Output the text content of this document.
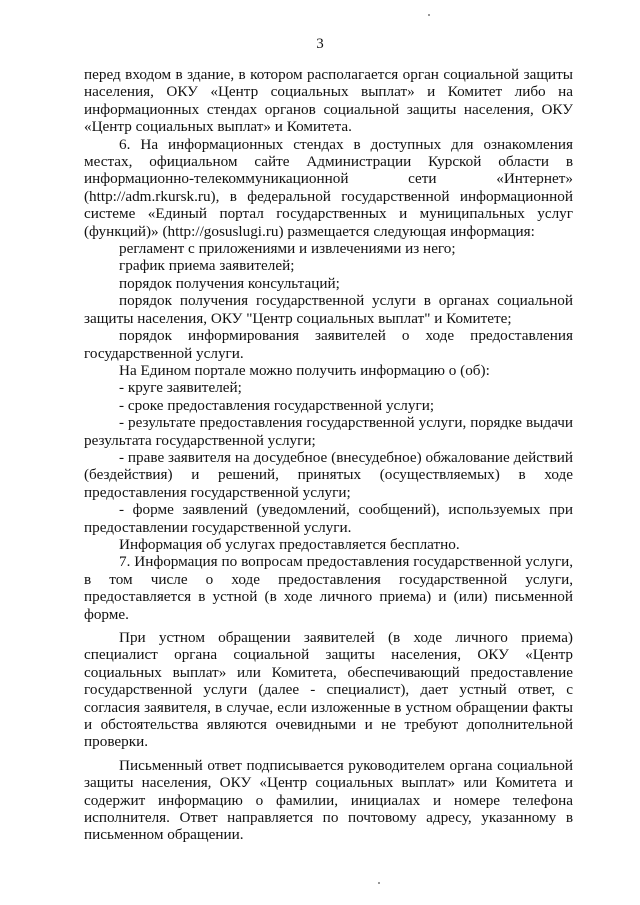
3

перед входом в здание, в котором располагается орган социальной защиты населения, ОКУ «Центр социальных выплат» и Комитет либо на информационных стендах органов социальной защиты населения, ОКУ «Центр социальных выплат» и Комитета.

6. На информационных стендах в доступных для ознакомления местах, официальном сайте Администрации Курской области в информационно-телекоммуникационной сети «Интернет» (http://adm.rkursk.ru), в федеральной государственной информационной системе «Единый портал государственных и муниципальных услуг (функций)» (http://gosuslugi.ru) размещается следующая информация:

регламент с приложениями и извлечениями из него;

график приема заявителей;

порядок получения консультаций;

порядок получения государственной услуги в органах социальной защиты населения, ОКУ "Центр социальных выплат" и Комитете;

порядок информирования заявителей о ходе предоставления государственной услуги.

На Едином портале можно получить информацию о (об):

- круге заявителей;

- сроке предоставления государственной услуги;

- результате предоставления государственной услуги, порядке выдачи результата государственной услуги;

- праве заявителя на досудебное (внесудебное) обжалование действий (бездействия) и решений, принятых (осуществляемых) в ходе предоставления государственной услуги;

- форме заявлений (уведомлений, сообщений), используемых при предоставлении государственной услуги.

Информация об услугах предоставляется бесплатно.

7. Информация по вопросам предоставления государственной услуги, в том числе о ходе предоставления государственной услуги, предоставляется в устной (в ходе личного приема) и (или) письменной форме.

При устном обращении заявителей (в ходе личного приема) специалист органа социальной защиты населения, ОКУ «Центр социальных выплат» или Комитета, обеспечивающий предоставление государственной услуги (далее - специалист), дает устный ответ, с согласия заявителя, в случае, если изложенные в устном обращении факты и обстоятельства являются очевидными и не требуют дополнительной проверки.

Письменный ответ подписывается руководителем органа социальной защиты населения, ОКУ «Центр социальных выплат» или Комитета и содержит информацию о фамилии, инициалах и номере телефона исполнителя. Ответ направляется по почтовому адресу, указанному в письменном обращении.
